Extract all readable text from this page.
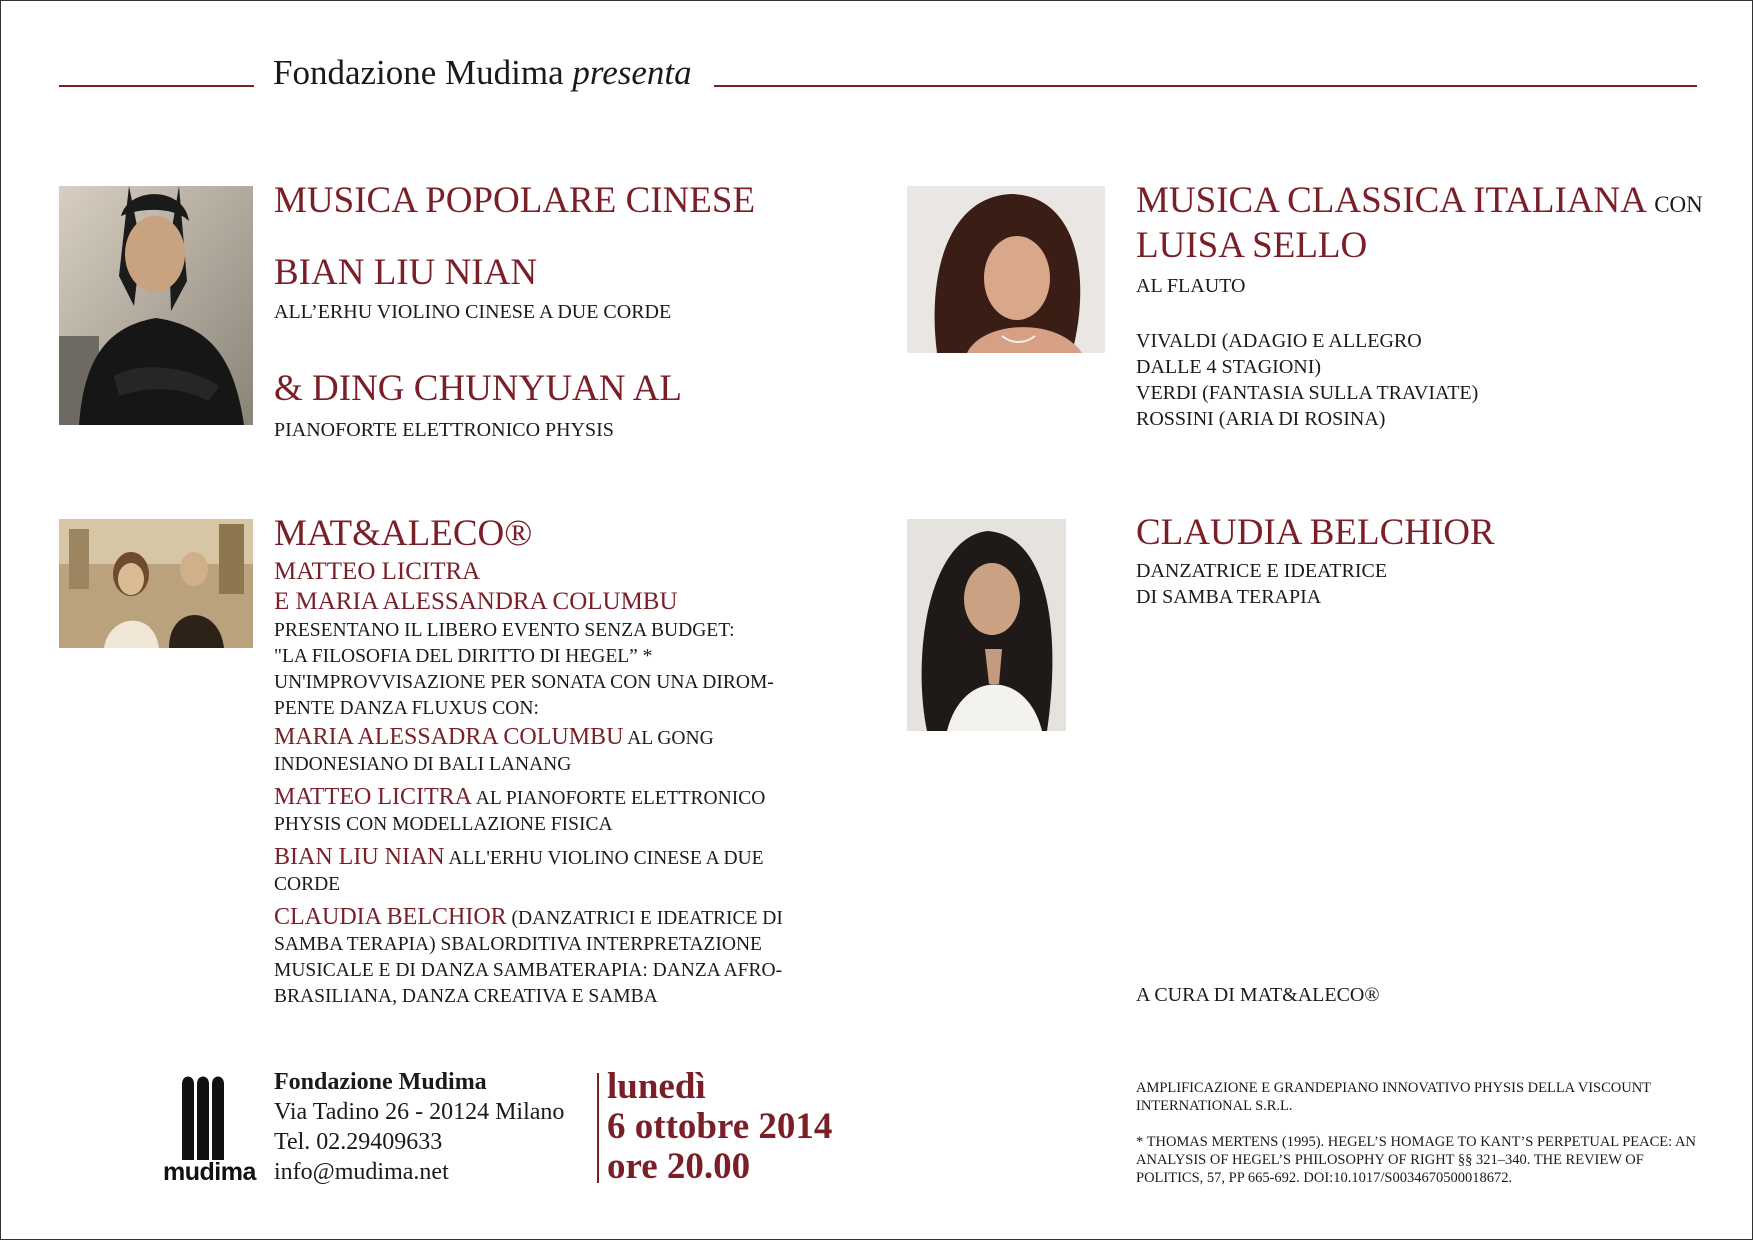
Fondazione Mudima presenta
MUSICA POPOLARE CINESE
BIAN LIU NIAN
ALL’ERHU VIOLINO CINESE A DUE CORDE
& DING CHUNYUAN AL
PIANOFORTE ELETTRONICO PHYSIS
MUSICA CLASSICA ITALIANA CON
LUISA SELLO
AL FLAUTO
VIVALDI (ADAGIO E ALLEGRO
DALLE 4 STAGIONI)
VERDI (FANTASIA SULLA TRAVIATE)
ROSSINI (ARIA DI ROSINA)
MAT&ALECO®
MATTEO LICITRA
E MARIA ALESSANDRA COLUMBU
PRESENTANO IL LIBERO EVENTO SENZA BUDGET:
"LA FILOSOFIA DEL DIRITTO DI HEGEL” *
UN'IMPROVVISAZIONE PER SONATA CON UNA DIROM-
PENTE DANZA FLUXUS CON:
MARIA ALESSADRA COLUMBU AL GONG
INDONESIANO DI BALI LANANG
MATTEO LICITRA AL PIANOFORTE ELETTRONICO
PHYSIS CON MODELLAZIONE FISICA
BIAN LIU NIAN ALL'ERHU VIOLINO CINESE A DUE
CORDE
CLAUDIA BELCHIOR (DANZATRICI E IDEATRICE DI
SAMBA TERAPIA) SBALORDITIVA INTERPRETAZIONE
MUSICALE E DI DANZA SAMBATERAPIA: DANZA AFRO-
BRASILIANA, DANZA CREATIVA E SAMBA
CLAUDIA BELCHIOR
DANZATRICE E IDEATRICE
DI SAMBA TERAPIA
A CURA DI MAT&ALECO®
mudima
Fondazione Mudima
Via Tadino 26 - 20124 Milano
Tel. 02.29409633
info@mudima.net
lunedì
6 ottobre 2014
ore 20.00
AMPLIFICAZIONE E GRANDEPIANO INNOVATIVO PHYSIS DELLA VISCOUNT INTERNATIONAL S.R.L.
* THOMAS MERTENS (1995). HEGEL’S HOMAGE TO KANT’S PERPETUAL PEACE: AN ANALYSIS OF HEGEL’S PHILOSOPHY OF RIGHT §§ 321–340. THE REVIEW OF POLITICS, 57, PP 665-692. DOI:10.1017/S0034670500018672.
